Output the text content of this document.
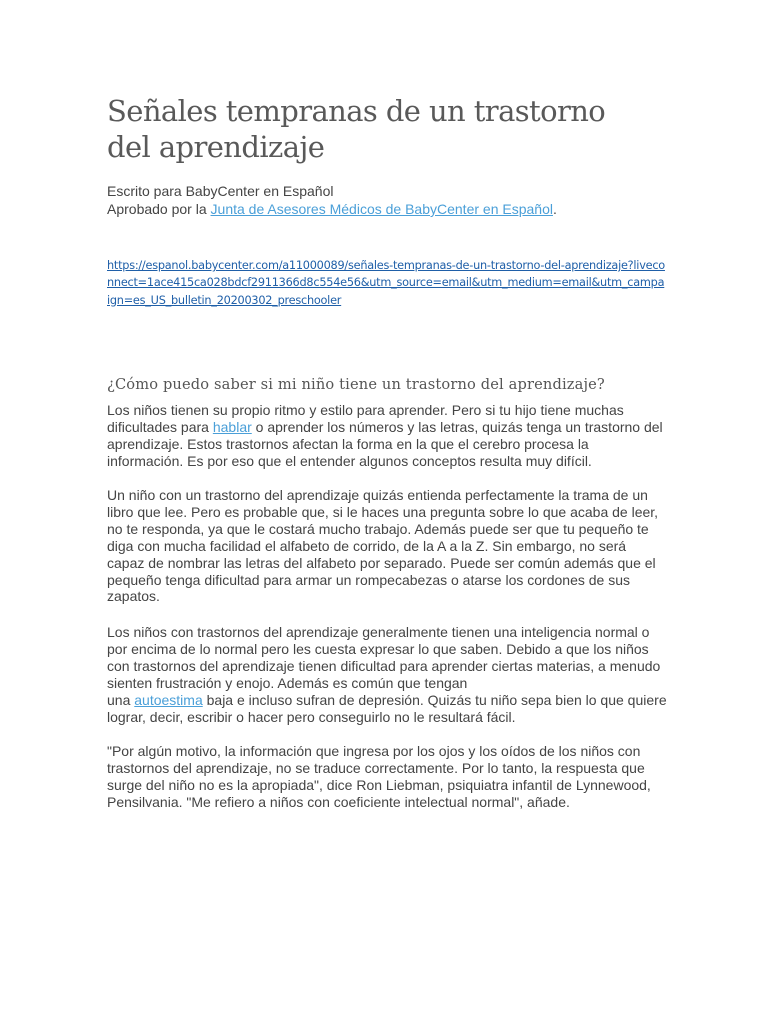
Señales tempranas de un trastorno del aprendizaje

Escrito para BabyCenter en Español

Aprobado por la Junta de Asesores Médicos de BabyCenter en Español.

https://espanol.babycenter.com/a11000089/señales-tempranas-de-un-trastorno-del-aprendizaje?liveconnect=1ace415ca028bdcf2911366d8c554e56&utm_source=email&utm_medium=email&utm_campaign=es_US_bulletin_20200302_preschooler
¿Cómo puedo saber si mi niño tiene un trastorno del aprendizaje?

Los niños tienen su propio ritmo y estilo para aprender. Pero si tu hijo tiene muchas dificultades para hablar o aprender los números y las letras, quizás tenga un trastorno del aprendizaje. Estos trastornos afectan la forma en la que el cerebro procesa la información. Es por eso que el entender algunos conceptos resulta muy difícil.

Un niño con un trastorno del aprendizaje quizás entienda perfectamente la trama de un libro que lee. Pero es probable que, si le haces una pregunta sobre lo que acaba de leer, no te responda, ya que le costará mucho trabajo. Además puede ser que tu pequeño te diga con mucha facilidad el alfabeto de corrido, de la A a la Z. Sin embargo, no será capaz de nombrar las letras del alfabeto por separado. Puede ser común además que el pequeño tenga dificultad para armar un rompecabezas o atarse los cordones de sus zapatos.

Los niños con trastornos del aprendizaje generalmente tienen una inteligencia normal o por encima de lo normal pero les cuesta expresar lo que saben. Debido a que los niños con trastornos del aprendizaje tienen dificultad para aprender ciertas materias, a menudo sienten frustración y enojo. Además es común que tengan
una autoestima baja e incluso sufran de depresión. Quizás tu niño sepa bien lo que quiere lograr, decir, escribir o hacer pero conseguirlo no le resultará fácil.

"Por algún motivo, la información que ingresa por los ojos y los oídos de los niños con trastornos del aprendizaje, no se traduce correctamente. Por lo tanto, la respuesta que surge del niño no es la apropiada", dice Ron Liebman, psiquiatra infantil de Lynnewood, Pensilvania. "Me refiero a niños con coeficiente intelectual normal", añade.
